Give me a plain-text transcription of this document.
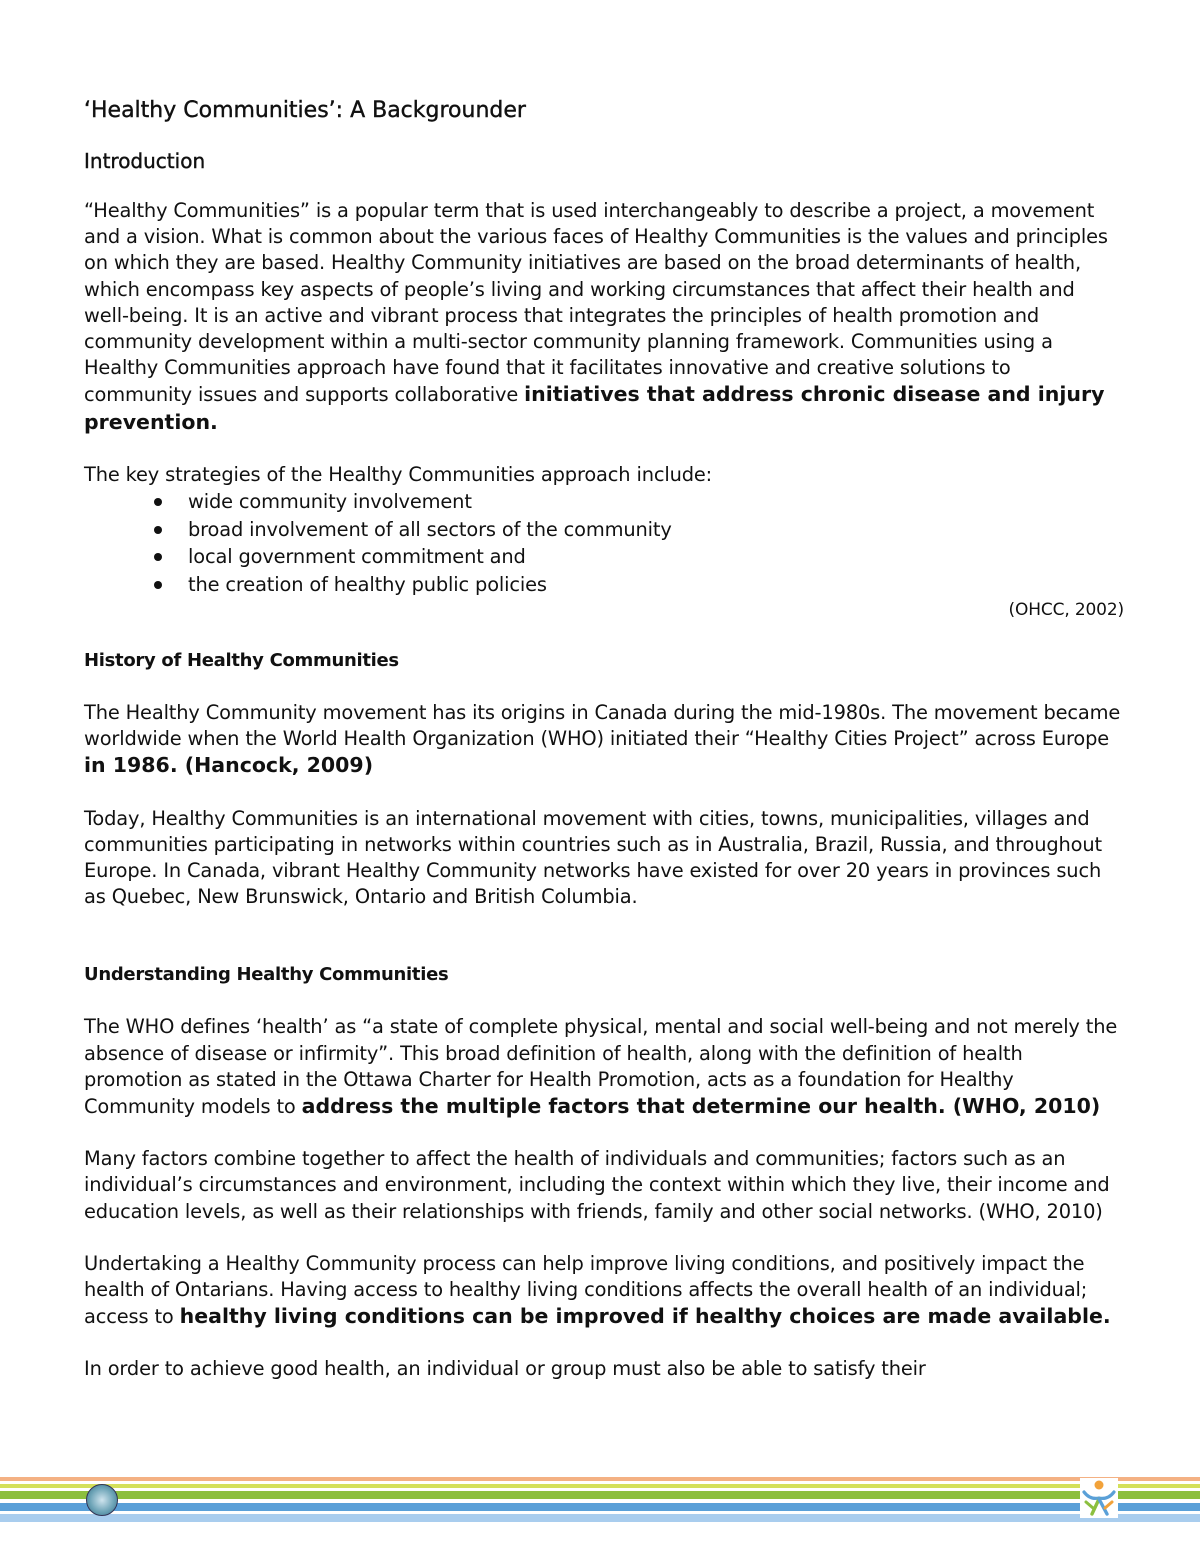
‘Healthy Communities’: A Backgrounder
Introduction

“Healthy Communities” is a popular term that is used interchangeably to describe a project, a movement and a vision. What is common about the various faces of Healthy Communities is the values and principles on which they are based. Healthy Community initiatives are based on the broad determinants of health, which encompass key aspects of people’s living and working circumstances that affect their health and well-being. It is an active and vibrant process that integrates the principles of health promotion and community development within a multi-sector community planning framework. Communities using a Healthy Communities approach have found that it facilitates innovative and creative solutions to community issues and supports collaborative initiatives that address chronic disease and injury prevention.

The key strategies of the Healthy Communities approach include:

wide community involvement
broad involvement of all sectors of the community
local government commitment and
the creation of healthy public policies

(OHCC, 2002)

History of Healthy Communities

The Healthy Community movement has its origins in Canada during the mid-1980s. The movement became worldwide when the World Health Organization (WHO) initiated their “Healthy Cities Project” across Europe in 1986. (Hancock, 2009)

Today, Healthy Communities is an international movement with cities, towns, municipalities, villages and communities participating in networks within countries such as in Australia, Brazil, Russia, and throughout Europe. In Canada, vibrant Healthy Community networks have existed for over 20 years in provinces such as Quebec, New Brunswick, Ontario and British Columbia.

Understanding Healthy Communities

The WHO defines ‘health’ as “a state of complete physical, mental and social well-being and not merely the absence of disease or infirmity”. This broad definition of health, along with the definition of health promotion as stated in the Ottawa Charter for Health Promotion, acts as a foundation for Healthy Community models to address the multiple factors that determine our health. (WHO, 2010)

Many factors combine together to affect the health of individuals and communities; factors such as an individual’s circumstances and environment, including the context within which they live, their income and education levels, as well as their relationships with friends, family and other social networks. (WHO, 2010)

Undertaking a Healthy Community process can help improve living conditions, and positively impact the health of Ontarians. Having access to healthy living conditions affects the overall health of an individual; access to healthy living conditions can be improved if healthy choices are made available.

In order to achieve good health, an individual or group must also be able to satisfy their
